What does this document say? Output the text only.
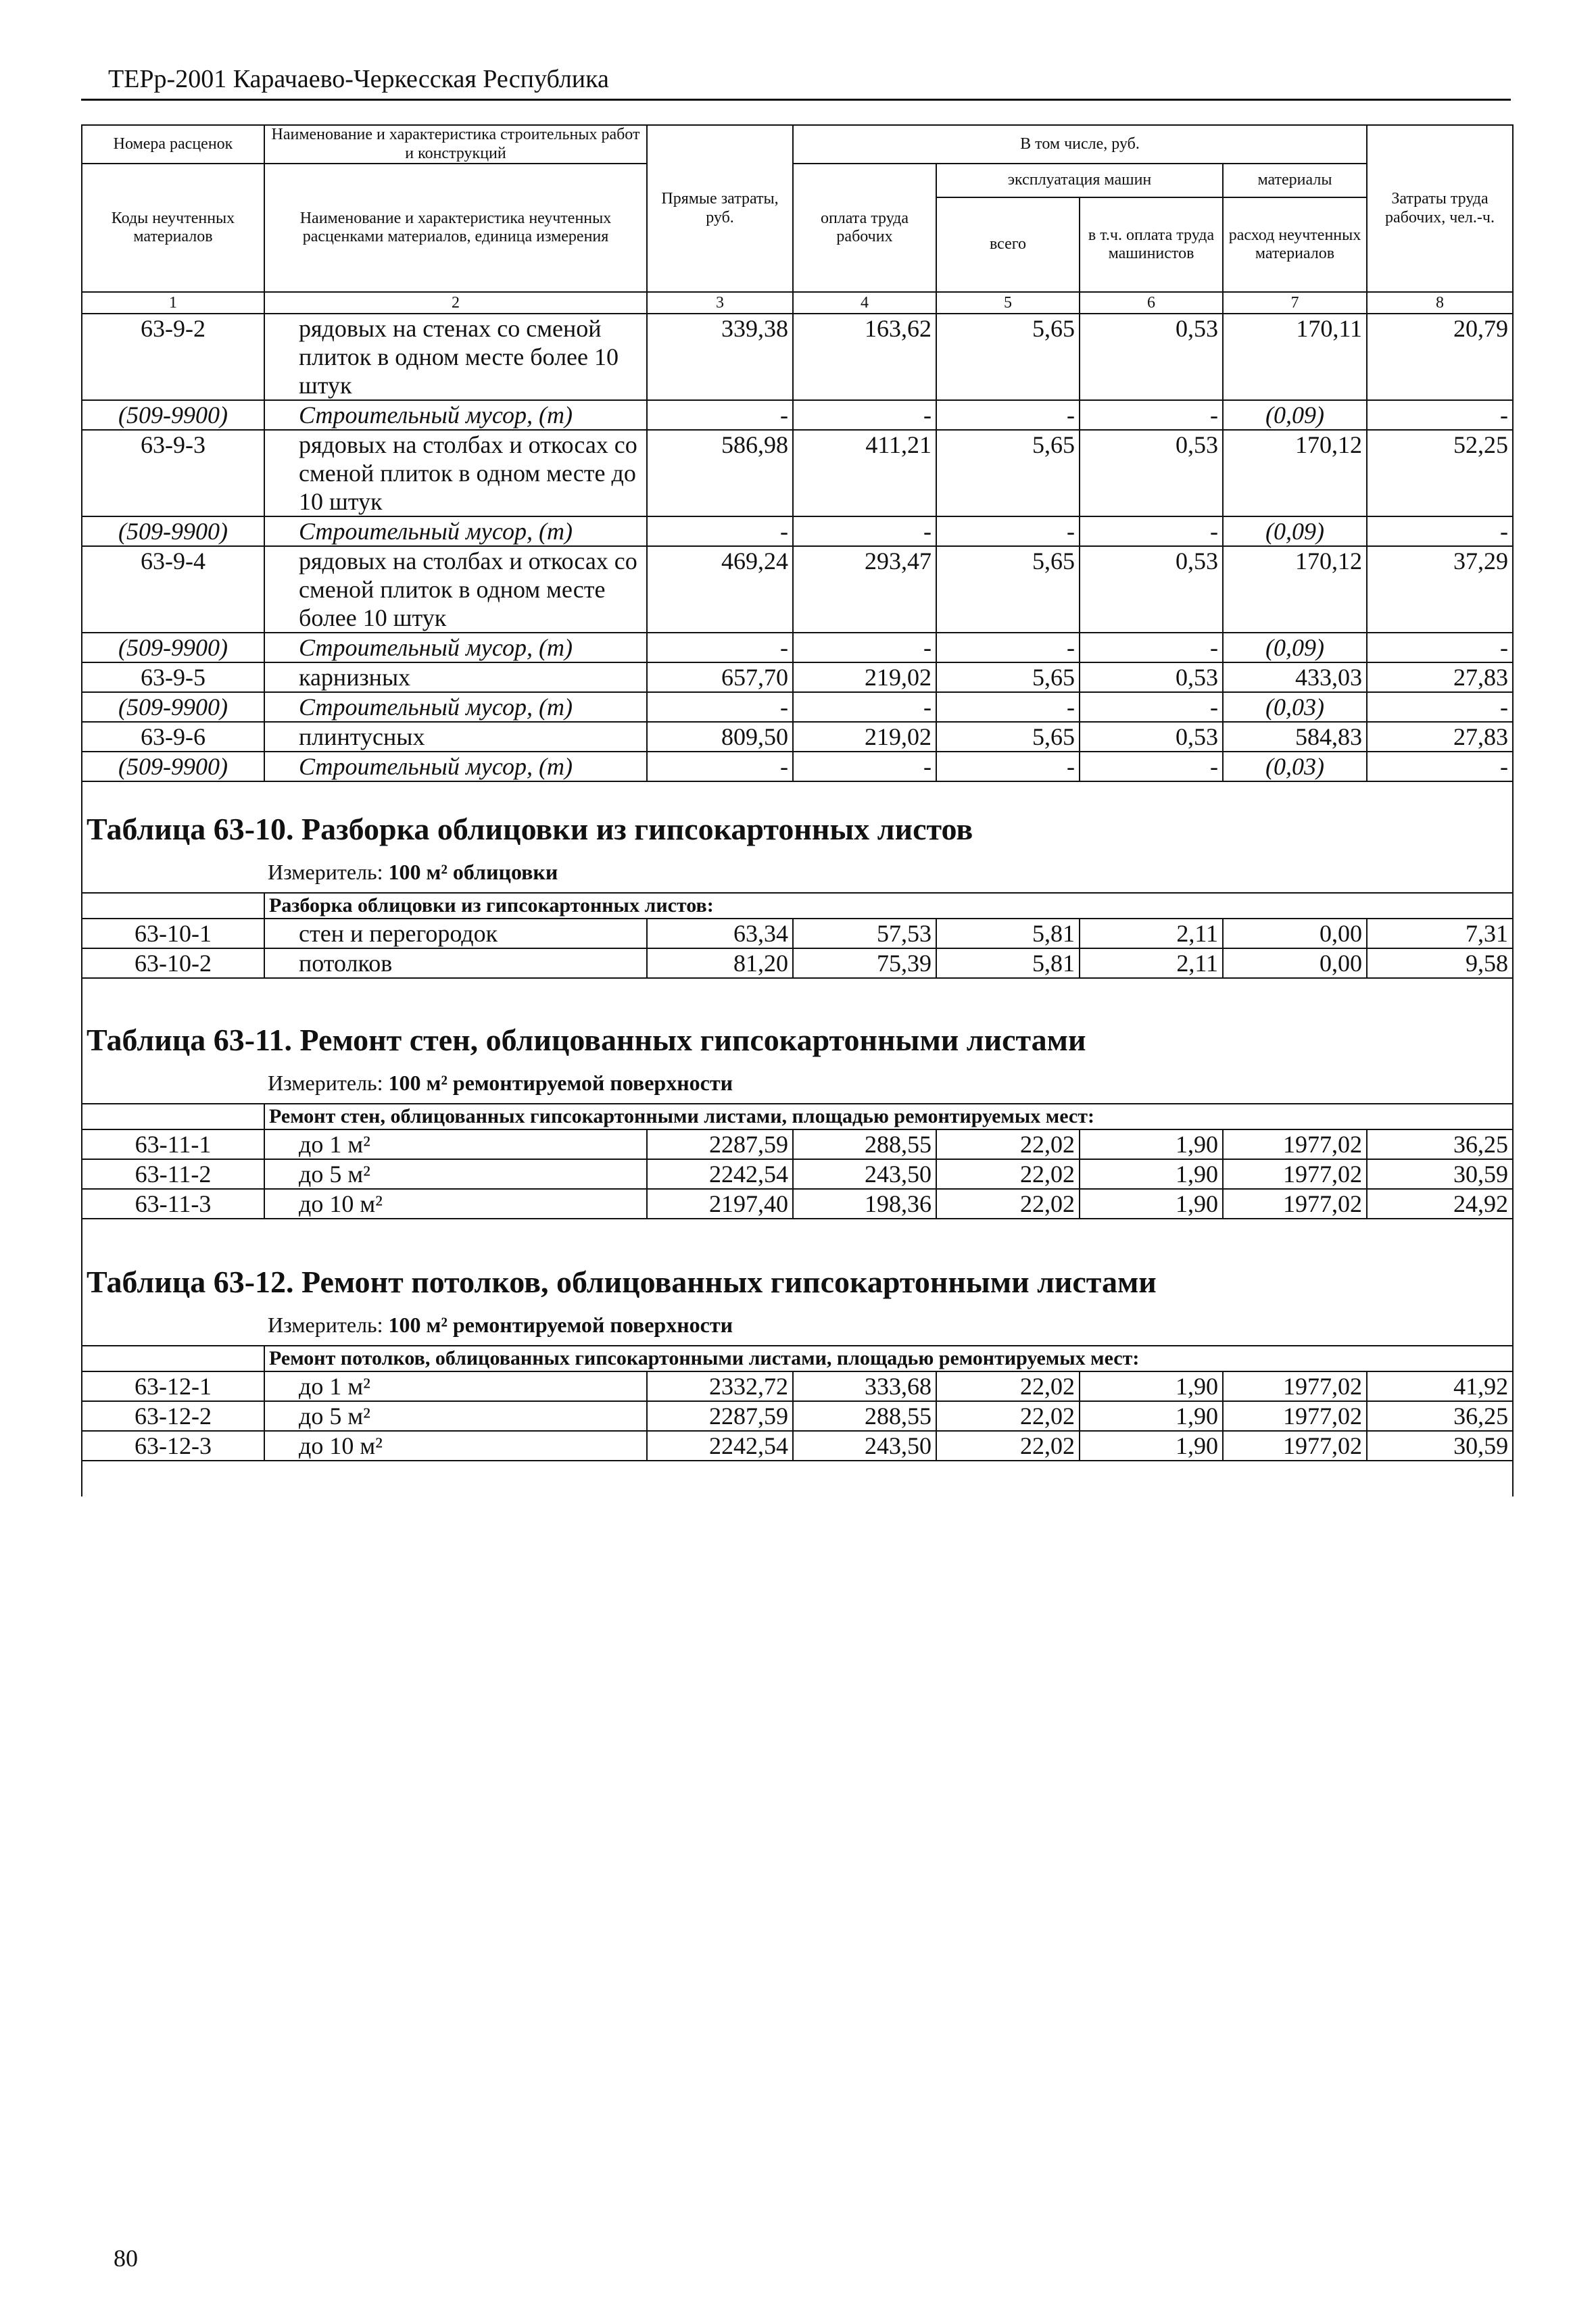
ТЕРр-2001 Карачаево-Черкесская Республика
Номера расценок	Наименование и характеристика строительных работ и конструкций	Прямые затраты, руб.	В том числе, руб.				Затраты труда рабочих, чел.-ч.
Коды неучтенных материалов	Наименование и характеристика неучтенных расценками материалов, единица измерения		оплата труда рабочих	эксплуатация машин		материалы	

				всего	в т.ч. оплата труда машинистов	расход неучтенных материалов	
1	2	3	4	5	6	7	8
63-9-2	рядовых на стенах со сменой плиток в одном месте более 10 штук	339,38	163,62	5,65	0,53	170,11	20,79
(509-9900)	Строительный мусор, (т)	-	-	-	-	(0,09)	-
63-9-3	рядовых на столбах и откосах со сменой плиток в одном месте до 10 штук	586,98	411,21	5,65	0,53	170,12	52,25
(509-9900)	Строительный мусор, (т)	-	-	-	-	(0,09)	-
63-9-4	рядовых на столбах и откосах со сменой плиток в одном месте более 10 штук	469,24	293,47	5,65	0,53	170,12	37,29
(509-9900)	Строительный мусор, (т)	-	-	-	-	(0,09)	-
63-9-5	карнизных	657,70	219,02	5,65	0,53	433,03	27,83
(509-9900)	Строительный мусор, (т)	-	-	-	-	(0,03)	-
63-9-6	плинтусных	809,50	219,02	5,65	0,53	584,83	27,83
(509-9900)	Строительный мусор, (т)	-	-	-	-	(0,03)	-
Таблица 63-10. Разборка облицовки из гипсокартонных листов
Измеритель: 100 м² облицовки
	Разборка облицовки из гипсокартонных листов:						
63-10-1	стен и перегородок	63,34	57,53	5,81	2,11	0,00	7,31
63-10-2	потолков	81,20	75,39	5,81	2,11	0,00	9,58
Таблица 63-11. Ремонт стен, облицованных гипсокартонными листами
Измеритель: 100 м² ремонтируемой поверхности
	Ремонт стен, облицованных гипсокартонными листами, площадью ремонтируемых мест:						
63-11-1	до 1 м²	2287,59	288,55	22,02	1,90	1977,02	36,25
63-11-2	до 5 м²	2242,54	243,50	22,02	1,90	1977,02	30,59
63-11-3	до 10 м²	2197,40	198,36	22,02	1,90	1977,02	24,92
Таблица 63-12. Ремонт потолков, облицованных гипсокартонными листами
Измеритель: 100 м² ремонтируемой поверхности
	Ремонт потолков, облицованных гипсокартонными листами, площадью ремонтируемых мест:						
63-12-1	до 1 м²	2332,72	333,68	22,02	1,90	1977,02	41,92
63-12-2	до 5 м²	2287,59	288,55	22,02	1,90	1977,02	36,25
63-12-3	до 10 м²	2242,54	243,50	22,02	1,90	1977,02	30,59
80
